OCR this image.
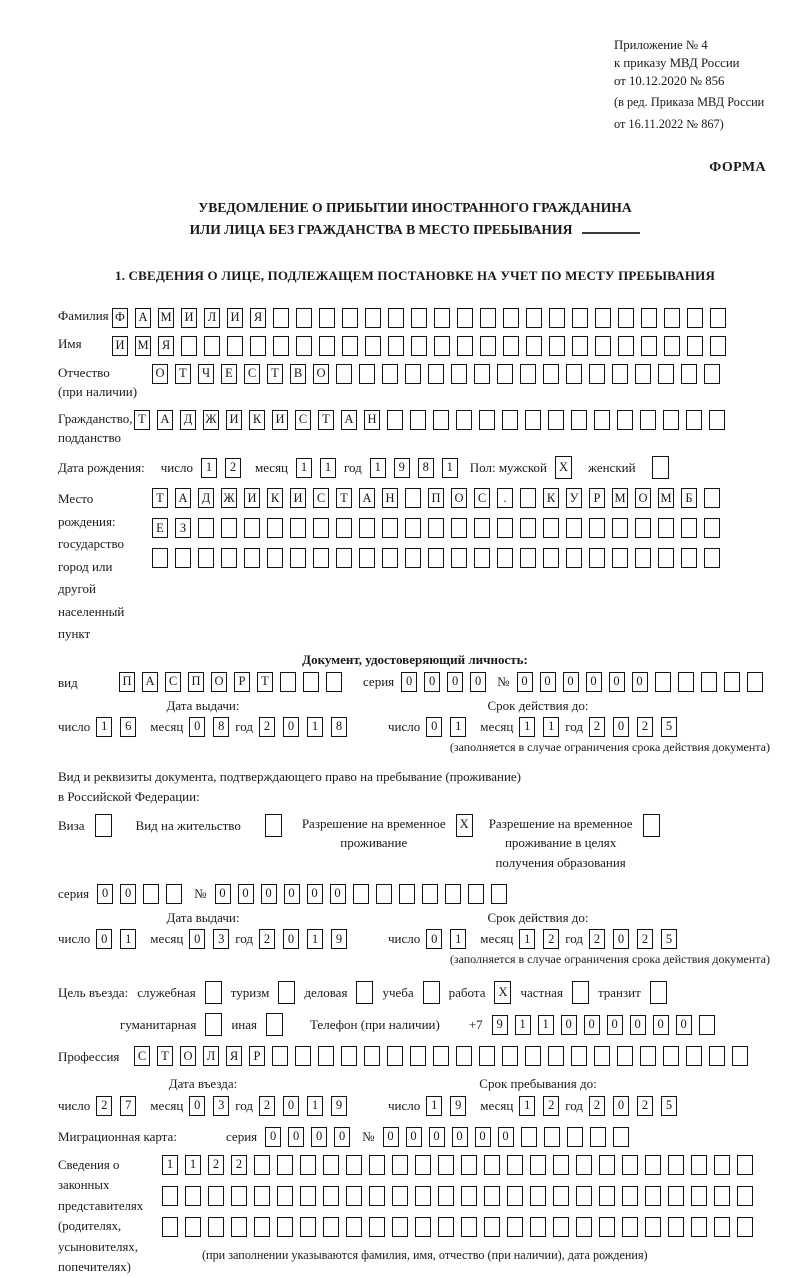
Приложение № 4
к приказу МВД России
от 10.12.2020 № 856
(в ред. Приказа МВД России
от 16.11.2022 № 867)
ФОРМА
УВЕДОМЛЕНИЕ О ПРИБЫТИИ ИНОСТРАННОГО ГРАЖДАНИНА
ИЛИ ЛИЦА БЕЗ ГРАЖДАНСТВА В МЕСТО ПРЕБЫВАНИЯ
1. СВЕДЕНИЯ О ЛИЦЕ, ПОДЛЕЖАЩЕМ ПОСТАНОВКЕ НА УЧЕТ ПО МЕСТУ ПРЕБЫВАНИЯ
Фамилия Ф А М И	Л	И	Я
Имя	И М	Я
Отчество
(при наличии)
О	Т	Ч	Е	С	Т	В	О
Гражданство,
подданство
Т	А Д Ж И	К	И	С	Т	А Н
Дата рождения: число	1	2	месяц	1	1 год	1	9	8	1	Пол: мужской X	женский
Место рождения:
государство
город или другой
населенный пункт
Т	А Д Ж И	К	И	С	Т	А Н	П О	С	.	К	У	Р	М О М	Б
Е	З
Документ, удостоверяющий личность:
вид	П А	С	П О	Р	Т	серия 0	0	0	0	№ 0	0	0	0	0	0
Дата выдачи:
число 1	6	месяц 0	8 год 2	0	1	8
Срок действия до:
число 0	1	месяц 1	1 год 2	0	2	5
(заполняется в случае ограничения срока действия документа)
Вид и реквизиты документа, подтверждающего право на пребывание (проживание)
в Российской Федерации:
Виза	Вид на жительство	Разрешение на временное
проживание
X	Разрешение на временное
проживание в целях
получения образования
серия	0	0	№	0	0	0	0	0	0
Дата выдачи:
число 0	1	месяц 0	3 год 2	0	1	9
Срок действия до:
число 0	1	месяц 1	2 год 2	0	2	5
(заполняется в случае ограничения срока действия документа)
Цель въезда: служебная	туризм	деловая	учеба	работа	X частная	транзит
гуманитарная	иная	Телефон (при наличии) +7	9	1	1	0	0	0	0	0	0
Профессия	С	Т	О	Л	Я	Р
Дата въезда:
число 2	7	месяц 0	3 год 2	0	1	9
Срок пребывания до:
число 1	9	месяц 1	2 год 2	0	2	5
Миграционная карта:	серия	0	0	0	0	№	0	0	0	0	0	0
Сведения о
законных
представителях
(родителях,
усыновителях,
попечителях)
1	1	2	2
(при заполнении указываются фамилия, имя, отчество (при наличии), дата рождения)
